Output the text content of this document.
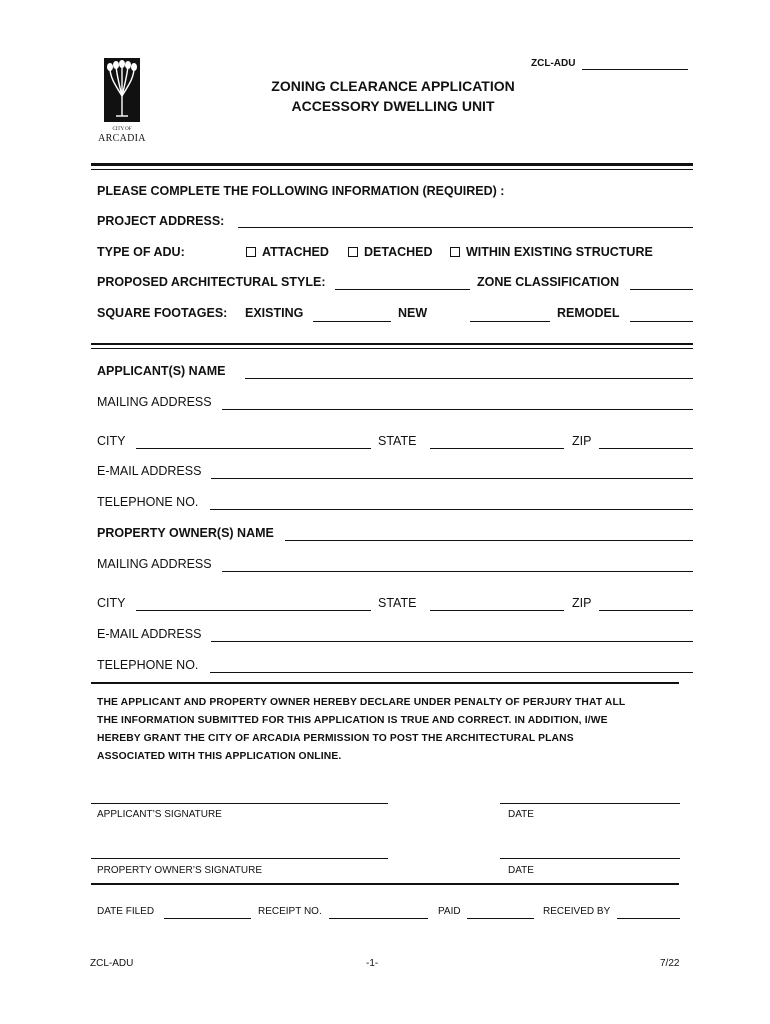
CITY OF
ARCADIA
ZCL-ADU
ZONING CLEARANCE APPLICATION
ACCESSORY DWELLING UNIT
PLEASE COMPLETE THE FOLLOWING INFORMATION (REQUIRED) :
PROJECT ADDRESS:
TYPE OF ADU:	ATTACHED	DETACHED	WITHIN EXISTING STRUCTURE
PROPOSED ARCHITECTURAL STYLE:	ZONE CLASSIFICATION
SQUARE FOOTAGES: EXISTING	NEW	REMODEL
APPLICANT(S) NAME
MAILING ADDRESS
CITY	STATE	ZIP
E-MAIL ADDRESS
TELEPHONE NO.
PROPERTY OWNER(S) NAME
MAILING ADDRESS
CITY	STATE	ZIP
E-MAIL ADDRESS
TELEPHONE NO.
THE APPLICANT AND PROPERTY OWNER HEREBY DECLARE UNDER PENALTY OF PERJURY THAT ALL
THE INFORMATION SUBMITTED FOR THIS APPLICATION IS TRUE AND CORRECT. IN ADDITION, I/WE
HEREBY GRANT THE CITY OF ARCADIA PERMISSION TO POST THE ARCHITECTURAL PLANS
ASSOCIATED WITH THIS APPLICATION ONLINE.
APPLICANT’S SIGNATURE	DATE
PROPERTY OWNER’S SIGNATURE	DATE
DATE FILED	RECEIPT NO.	PAID	RECEIVED BY
ZCL-ADU	-1-	7/22
